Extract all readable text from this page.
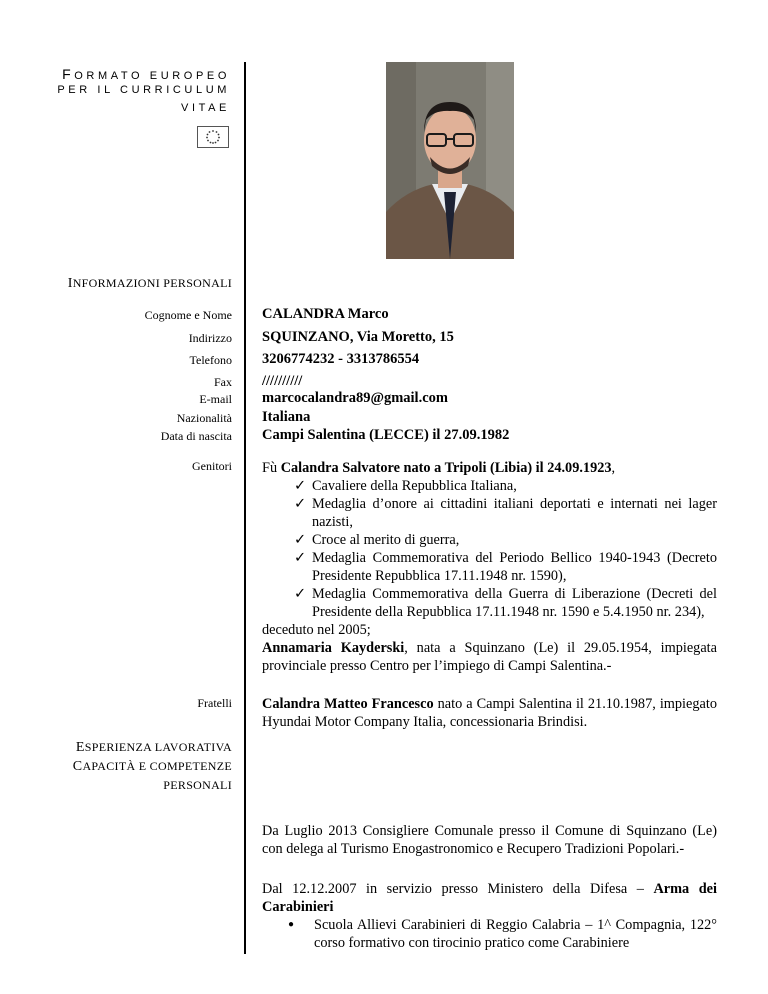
FORMATO EUROPEO
PER IL CURRICULUM
VITAE
INFORMAZIONI PERSONALI
Cognome e Nome CALANDRA Marco
Indirizzo SQUINZANO, Via Moretto, 15
Telefono 3206774232 - 3313786554
Fax //////////
E-mail marcocalandra89@gmail.com
Nazionalità Italiana
Data di nascita Campi Salentina (LECCE) il 27.09.1982
Genitori Fù Calandra Salvatore nato a Tripoli (Libia) il 24.09.1923,
✓ Cavaliere della Repubblica Italiana,
✓ Medaglia d’onore ai cittadini italiani deportati e internati nei lager nazisti,
✓ Croce al merito di guerra,
✓ Medaglia Commemorativa del Periodo Bellico 1940-1943 (Decreto Presidente Repubblica 17.11.1948 nr. 1590),
✓ Medaglia Commemorativa della Guerra di Liberazione (Decreti del Presidente della Repubblica 17.11.1948 nr. 1590 e 5.4.1950 nr. 234),
deceduto nel 2005;
Annamaria Kayderski, nata a Squinzano (Le) il 29.05.1954, impiegata provinciale presso Centro per l’impiego di Campi Salentina.-
Fratelli Calandra Matteo Francesco nato a Campi Salentina il 21.10.1987, impiegato Hyundai Motor Company Italia, concessionaria Brindisi.
ESPERIENZA LAVORATIVA
CAPACITÀ E COMPETENZE
PERSONALI
Da Luglio 2013 Consigliere Comunale presso il Comune di Squinzano (Le) con delega al Turismo Enogastronomico e Recupero Tradizioni Popolari.-
Dal 12.12.2007 in servizio presso Ministero della Difesa – Arma dei Carabinieri
● Scuola Allievi Carabinieri di Reggio Calabria – 1^ Compagnia, 122° corso formativo con tirocinio pratico come Carabiniere
